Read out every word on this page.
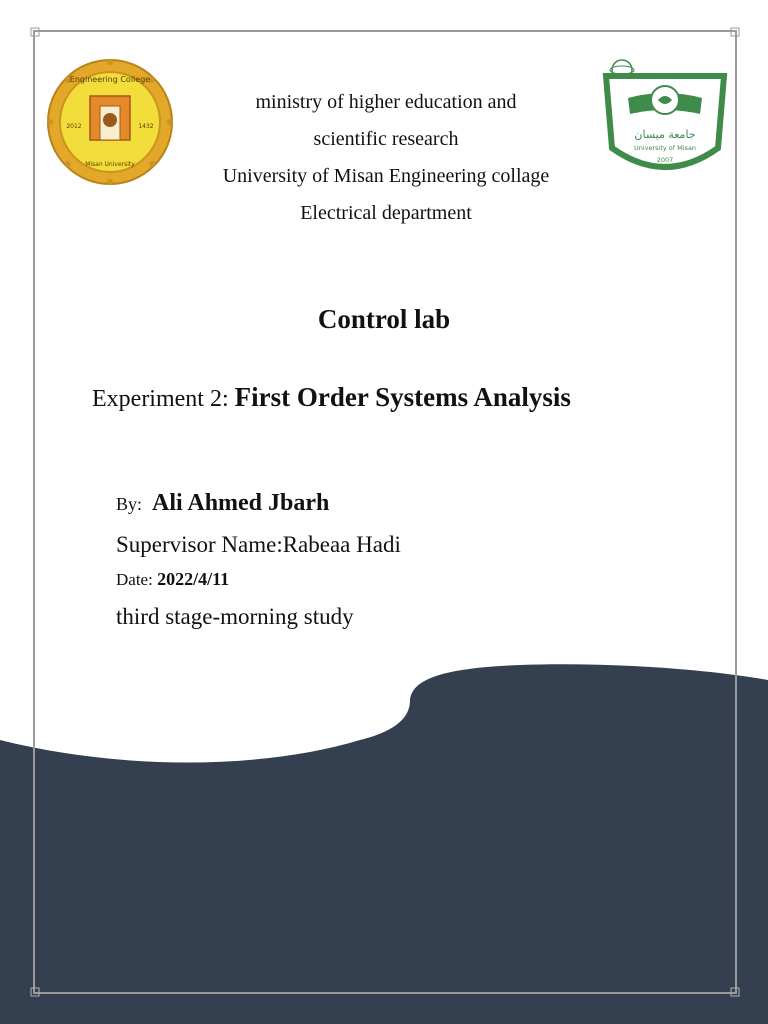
Engineering College
Misan University
2012	1432
جامعة ميسان
University of Misan
2007
ministry of higher education and
scientific research
University of Misan Engineering collage
Electrical department
Control lab
Experiment 2: First Order Systems Analysis
By: Ali Ahmed Jbarh
Supervisor Name:Rabeaa Hadi
Date: 2022/4/11
third stage-morning study
